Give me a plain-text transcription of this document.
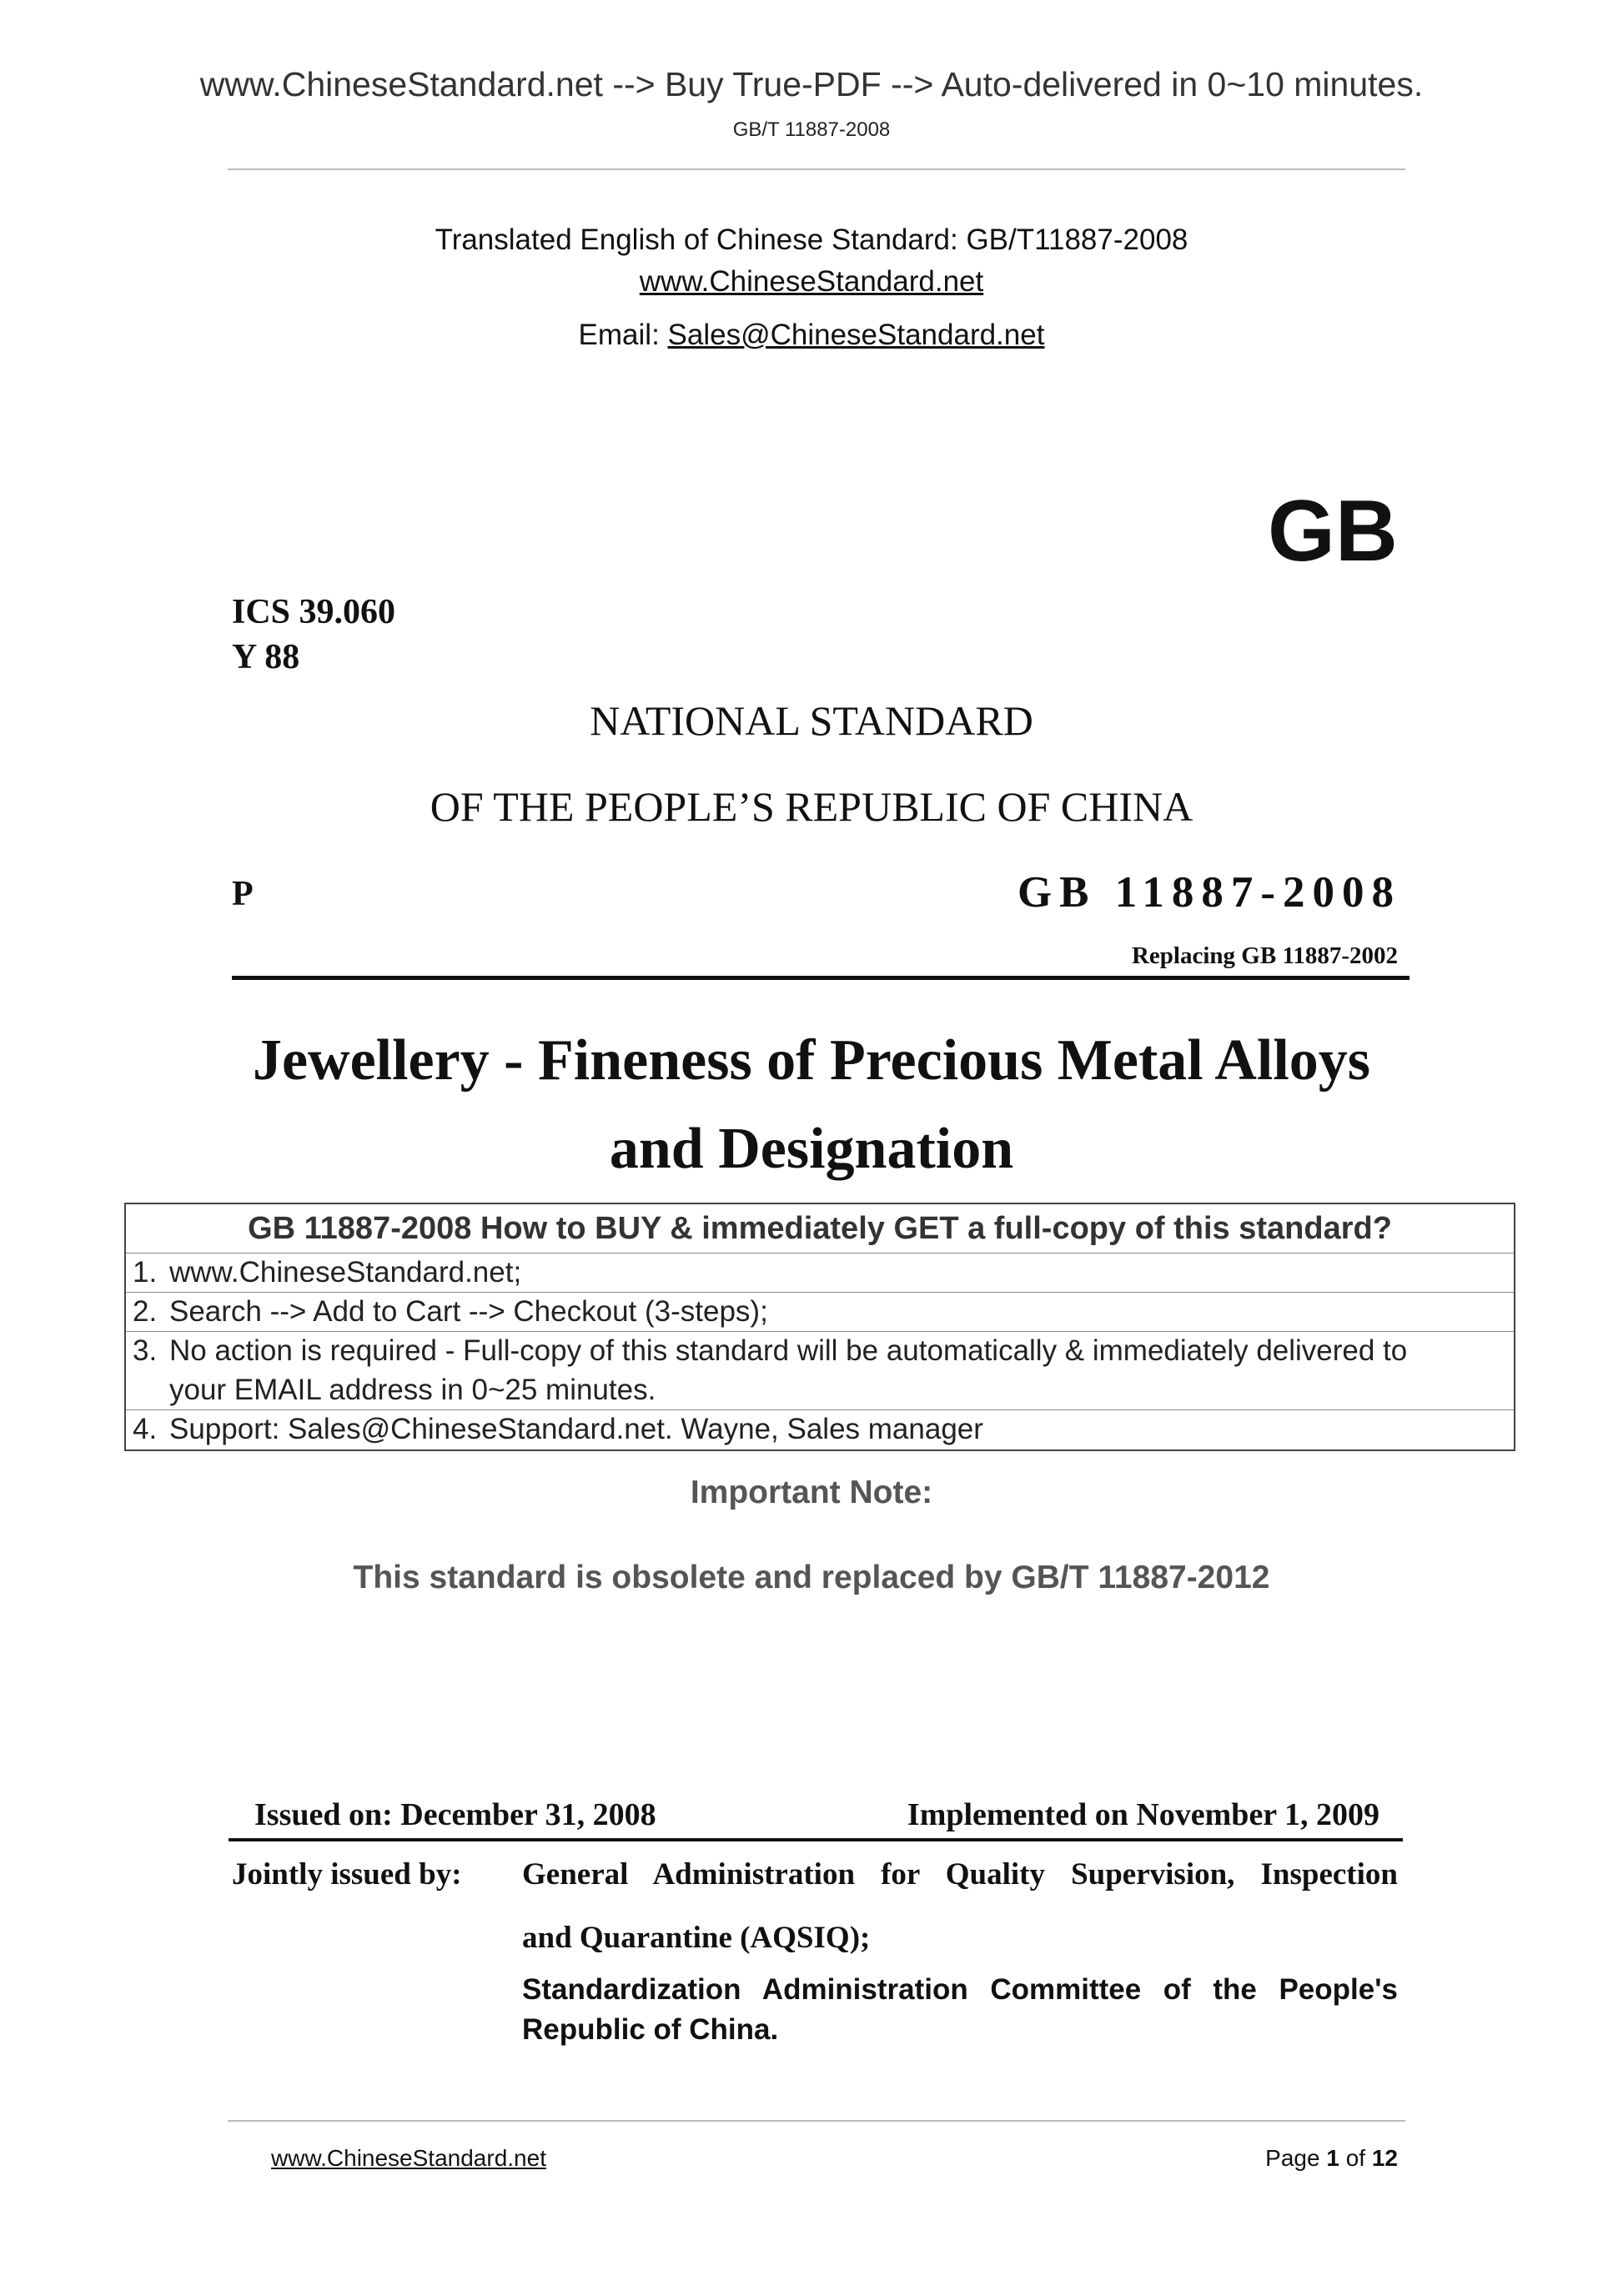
www.ChineseStandard.net --> Buy True-PDF --> Auto-delivered in 0~10 minutes.
GB/T 11887-2008
Translated English of Chinese Standard: GB/T11887-2008
www.ChineseStandard.net
Email: Sales@ChineseStandard.net
GB
ICS 39.060
Y 88
NATIONAL STANDARD
OF THE PEOPLE’S REPUBLIC OF CHINA
P	GB 11887-2008
Replacing GB 11887-2002
Jewellery - Fineness of Precious Metal Alloys
and Designation
GB 11887-2008 How to BUY & immediately GET a full-copy of this standard?
1. www.ChineseStandard.net;
2. Search --> Add to Cart --> Checkout (3-steps);
3. No action is required - Full-copy of this standard will be automatically & immediately delivered to
your EMAIL address in 0~25 minutes.
4. Support: Sales@ChineseStandard.net. Wayne, Sales manager
Important Note:
This standard is obsolete and replaced by GB/T 11887-2012
Issued on: December 31, 2008	Implemented on November 1, 2009
Jointly issued by: General Administration for Quality Supervision, Inspection
and Quarantine (AQSIQ);
Standardization Administration Committee of the People's
Republic of China.
www.ChineseStandard.net	Page 1 of 12
